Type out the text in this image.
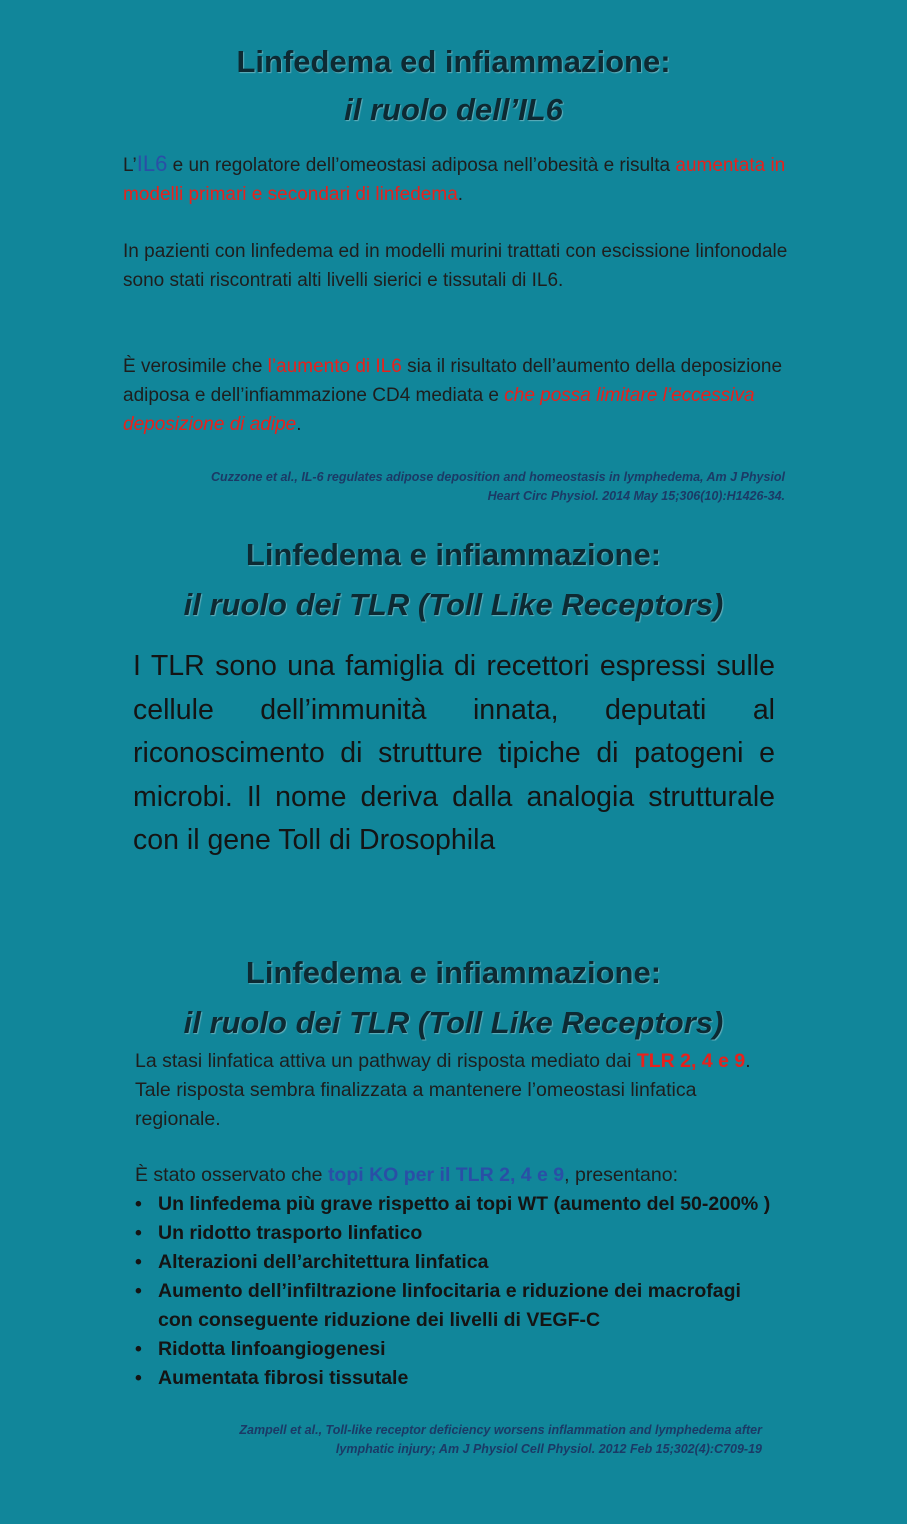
Linfedema ed infiammazione:
il ruolo dell’IL6

L’IL6 e un regolatore dell’omeostasi adiposa nell’obesità e risulta aumentata in modelli primari e secondari di linfedema.

In pazienti con linfedema ed in modelli murini trattati con escissione linfonodale sono stati riscontrati alti livelli sierici e tissutali di IL6.

È verosimile che l’aumento di IL6 sia il risultato dell’aumento della deposizione adiposa e dell’infiammazione CD4 mediata e che possa limitare l’eccessiva deposizione di adipe.

Cuzzone et al., IL-6 regulates adipose deposition and homeostasis in lymphedema, Am J Physiol
Heart Circ Physiol. 2014 May 15;306(10):H1426-34.

Linfedema e infiammazione:
il ruolo dei TLR (Toll Like Receptors)

I TLR sono una famiglia di recettori espressi sulle cellule dell’immunità innata, deputati al riconoscimento di strutture tipiche di patogeni e microbi. Il nome deriva dalla analogia strutturale con il gene Toll di Drosophila

Linfedema e infiammazione:
il ruolo dei TLR (Toll Like Receptors)

La stasi linfatica attiva un pathway di risposta mediato dai TLR 2, 4 e 9. Tale risposta sembra finalizzata a mantenere l’omeostasi linfatica regionale.

È stato osservato che topi KO per il TLR 2, 4 e 9, presentano:

• Un linfedema più grave rispetto ai topi WT (aumento del 50-200% )
• Un ridotto trasporto linfatico
• Alterazioni dell’architettura linfatica
• Aumento dell’infiltrazione linfocitaria e riduzione dei macrofagi con conseguente riduzione dei livelli di VEGF-C
• Ridotta linfoangiogenesi
• Aumentata fibrosi tissutale

Zampell et al., Toll-like receptor deficiency worsens inflammation and lymphedema after
lymphatic injury; Am J Physiol Cell Physiol. 2012 Feb 15;302(4):C709-19
